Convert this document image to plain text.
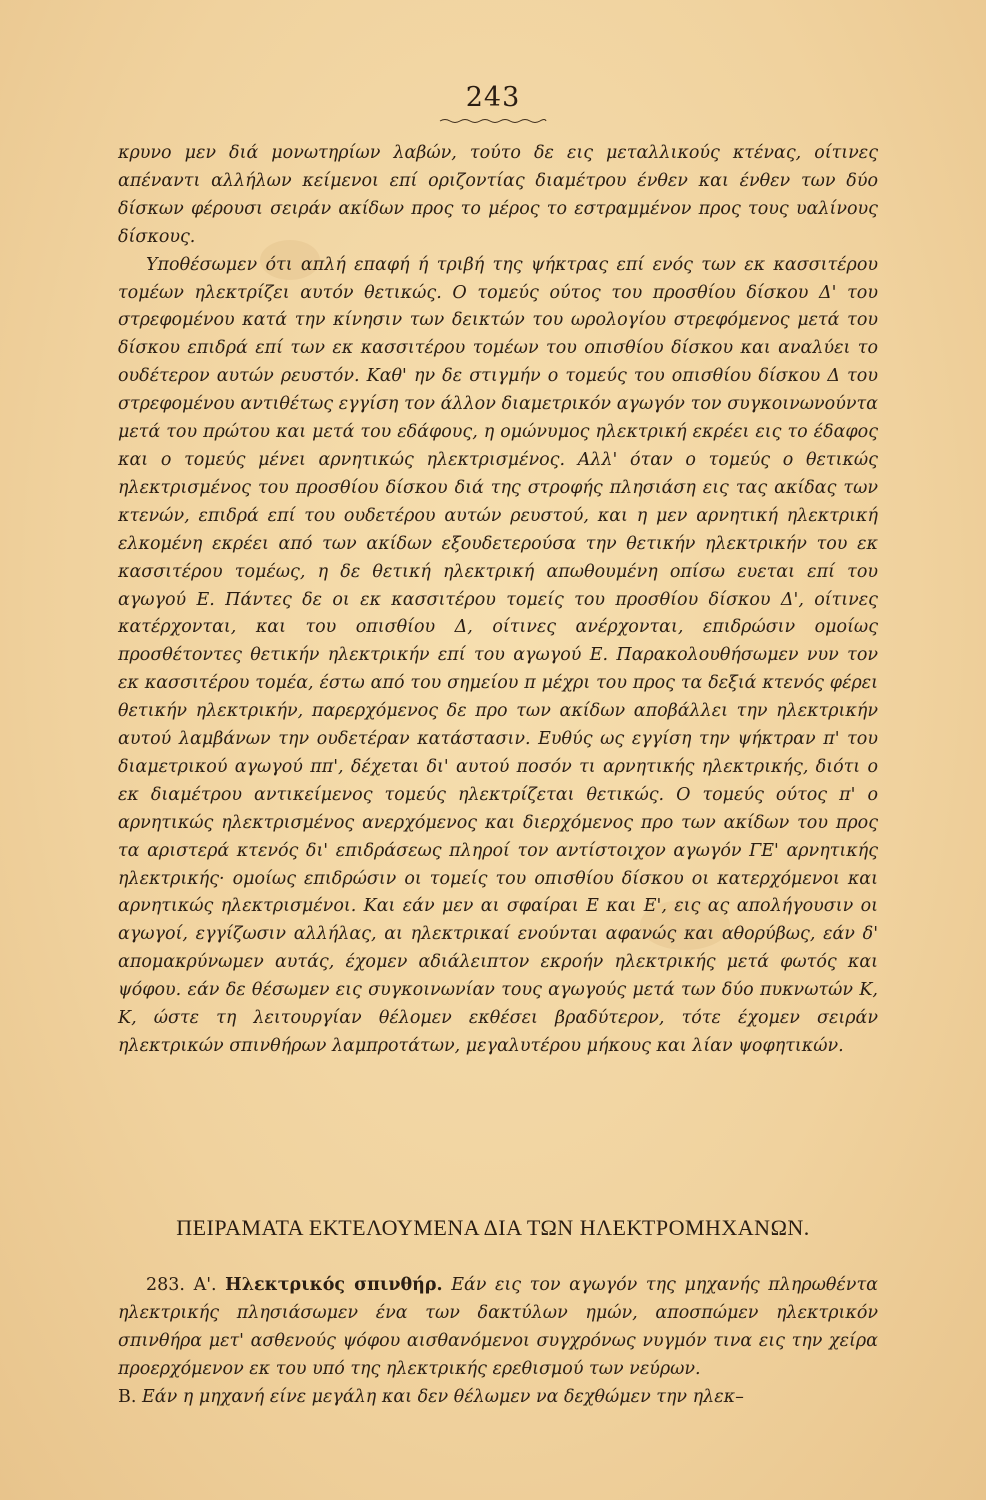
243

κρυνο μεν διά μονωτηρίων λαβών, τούτο δε εις μεταλλικούς κτένας, οίτινες απέναντι αλλήλων κείμενοι επί οριζοντίας διαμέτρου ένθεν και ένθεν των δύο δίσκων φέρουσι σειράν ακίδων προς το μέρος το εστραμμένον προς τους υαλίνους δίσκους.

Υποθέσωμεν ότι απλή επαφή ή τριβή της ψήκτρας επί ενός των εκ κασσιτέρου τομέων ηλεκτρίζει αυτόν θετικώς. Ο τομεύς ούτος του προσθίου δίσκου Δ' του στρεφομένου κατά την κίνησιν των δεικτών του ωρολογίου στρεφόμενος μετά του δίσκου επιδρά επί των εκ κασσιτέρου τομέων του οπισθίου δίσκου και αναλύει το ουδέτερον αυτών ρευστόν. Καθ' ην δε στιγμήν ο τομεύς του οπισθίου δίσκου Δ του στρεφομένου αντιθέτως εγγίση τον άλλον διαμετρικόν αγωγόν τον συγκοινωνούντα μετά του πρώτου και μετά του εδάφους, η ομώνυμος ηλεκτρική εκρέει εις το έδαφος και ο τομεύς μένει αρνητικώς ηλεκτρισμένος. Αλλ' όταν ο τομεύς ο θετικώς ηλεκτρισμένος του προσθίου δίσκου διά της στροφής πλησιάση εις τας ακίδας των κτενών, επιδρά επί του ουδετέρου αυτών ρευστού, και η μεν αρνητική ηλεκτρική ελκομένη εκρέει από των ακίδων εξουδετερούσα την θετικήν ηλεκτρικήν του εκ κασσιτέρου τομέως, η δε θετική ηλεκτρική απωθουμένη οπίσω ευεται επί του αγωγού Ε. Πάντες δε οι εκ κασσιτέρου τομείς του προσθίου δίσκου Δ', οίτινες κατέρχονται, και του οπισθίου Δ, οίτινες ανέρχονται, επιδρώσιν ομοίως προσθέτοντες θετικήν ηλεκτρικήν επί του αγωγού Ε. Παρακολουθήσωμεν νυν τον εκ κασσιτέρου τομέα, έστω από του σημείου π μέχρι του προς τα δεξιά κτενός φέρει θετικήν ηλεκτρικήν, παρερχόμενος δε προ των ακίδων αποβάλλει την ηλεκτρικήν αυτού λαμβάνων την ουδετέραν κατάστασιν. Ευθύς ως εγγίση την ψήκτραν π' του διαμετρικού αγωγού ππ', δέχεται δι' αυτού ποσόν τι αρνητικής ηλεκτρικής, διότι ο εκ διαμέτρου αντικείμενος τομεύς ηλεκτρίζεται θετικώς. Ο τομεύς ούτος π' ο αρνητικώς ηλεκτρισμένος ανερχόμενος και διερχόμενος προ των ακίδων του προς τα αριστερά κτενός δι' επιδράσεως πληροί τον αντίστοιχον αγωγόν ΓΕ' αρνητικής ηλεκτρικής· ομοίως επιδρώσιν οι τομείς του οπισθίου δίσκου οι κατερχόμενοι και αρνητικώς ηλεκτρισμένοι. Και εάν μεν αι σφαίραι Ε και Ε', εις ας απολήγουσιν οι αγωγοί, εγγίζωσιν αλλήλας, αι ηλεκτρικαί ενούνται αφανώς και αθορύβως, εάν δ' απομακρύνωμεν αυτάς, έχομεν αδιάλειπτον εκροήν ηλεκτρικής μετά φωτός και ψόφου. εάν δε θέσωμεν εις συγκοινωνίαν τους αγωγούς μετά των δύο πυκνωτών Κ, Κ, ώστε τη λειτουργίαν θέλομεν εκθέσει βραδύτερον, τότε έχομεν σειράν ηλεκτρικών σπινθήρων λαμπροτάτων, μεγαλυτέρου μήκους και λίαν ψοφητικών.

ΠΕΙΡΑΜΑΤΑ ΕΚΤΕΛΟΥΜΕΝΑ ΔΙΑ ΤΩΝ ΗΛΕΚΤΡΟΜΗΧΑΝΩΝ.

283. Α'. Ηλεκτρικός σπινθήρ. Εάν εις τον αγωγόν της μηχανής πληρωθέντα ηλεκτρικής πλησιάσωμεν ένα των δακτύλων ημών, αποσπώμεν ηλεκτρικόν σπινθήρα μετ' ασθενούς ψόφου αισθανόμενοι συγχρόνως νυγμόν τινα εις την χείρα προερχόμενον εκ του υπό της ηλεκτρικής ερεθισμού των νεύρων.

Β. Εάν η μηχανή είνε μεγάλη και δεν θέλωμεν να δεχθώμεν την ηλεκ–
